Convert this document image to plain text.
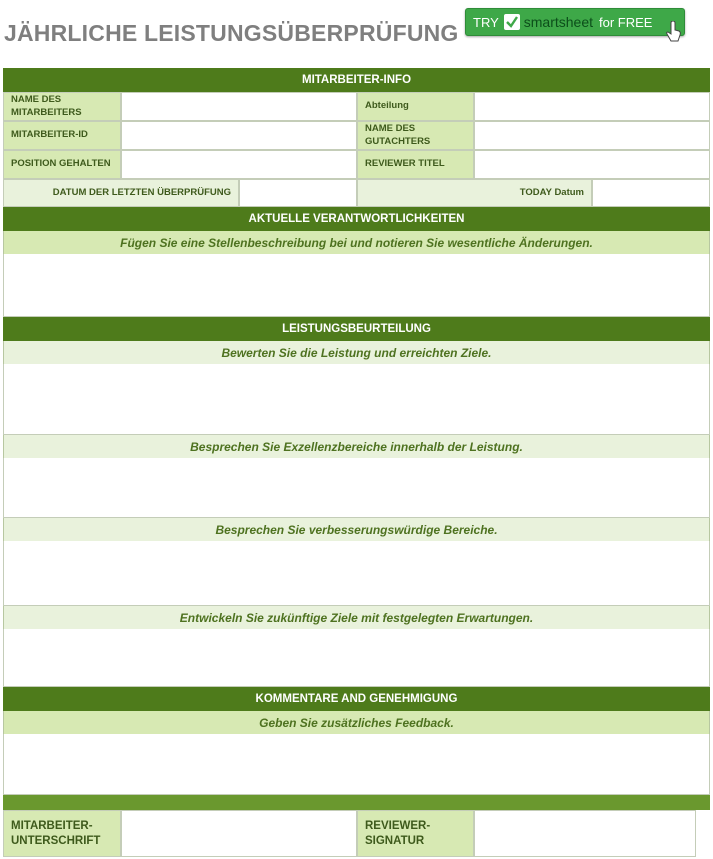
JÄHRLICHE LEISTUNGSÜBERPRÜFUNG TRY smartsheet for FREE
MITARBEITER-INFO
NAME DES MITARBEITERS
Abteilung
MITARBEITER-ID
NAME DES GUTACHTERS
POSITION GEHALTEN	REVIEWER TITEL
DATUM DER LETZTEN ÜBERPRÜFUNG	TODAY Datum
AKTUELLE VERANTWORTLICHKEITEN
Fügen Sie eine Stellenbeschreibung bei und notieren Sie wesentliche Änderungen.
LEISTUNGSBEURTEILUNG
Bewerten Sie die Leistung und erreichten Ziele.
Besprechen Sie Exzellenzbereiche innerhalb der Leistung.
Besprechen Sie verbesserungswürdige Bereiche.
Entwickeln Sie zukünftige Ziele mit festgelegten Erwartungen.
KOMMENTARE AND GENEHMIGUNG
Geben Sie zusätzliches Feedback.
MITARBEITER-UNTERSCHRIFT
REVIEWER-SIGNATUR
